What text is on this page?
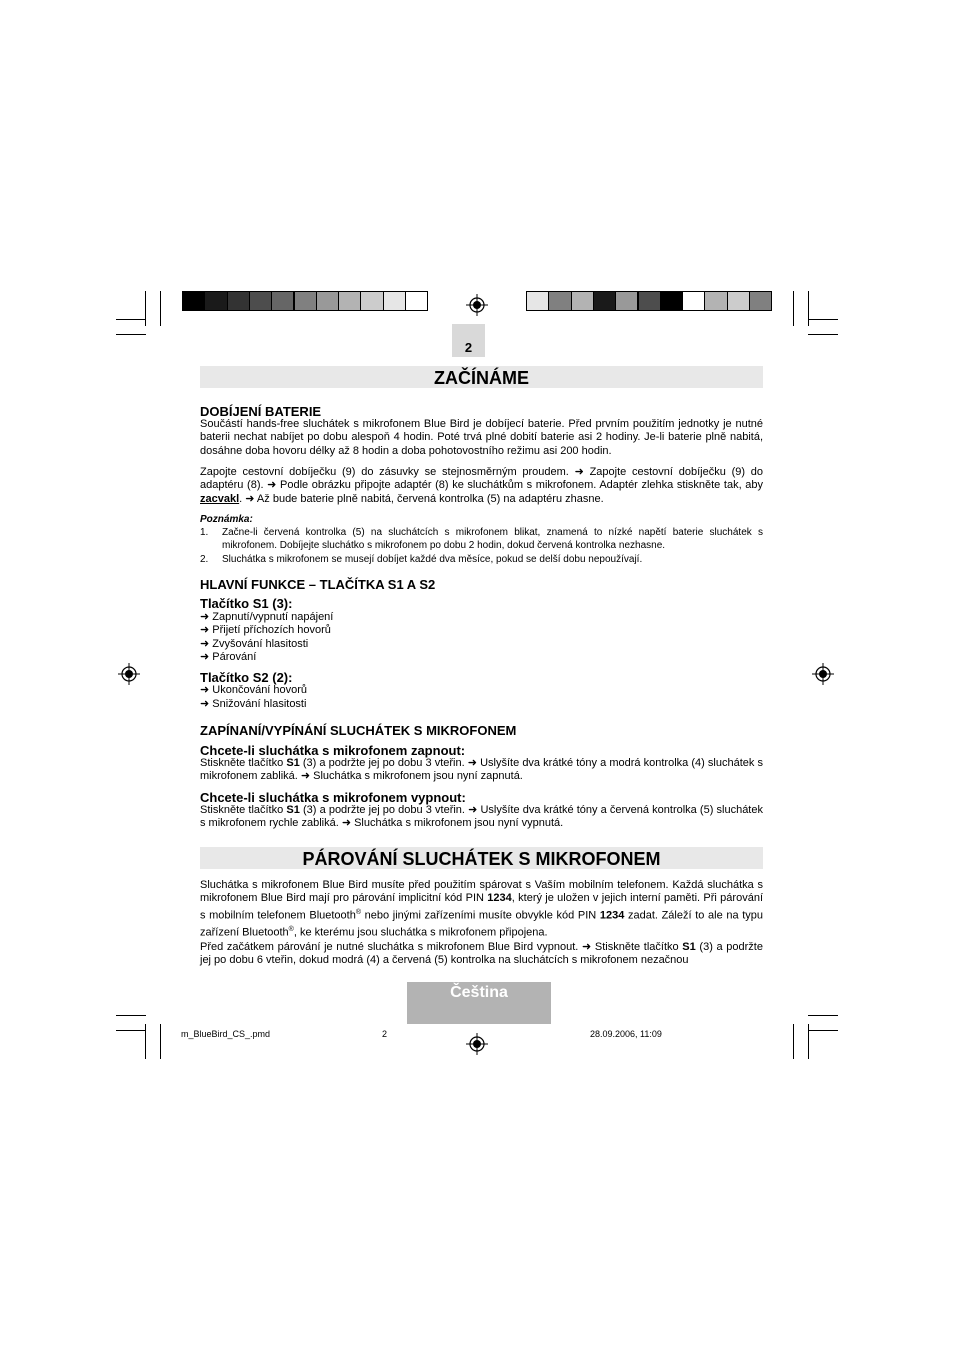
2
ZAČÍNÁME
DOBÍJENÍ BATERIE
Součástí hands-free sluchátek s mikrofonem Blue Bird je dobíjecí baterie. Před prvním použitím jednotky je nutné baterii nechat nabíjet po dobu alespoň 4 hodin. Poté trvá plné dobití baterie asi 2 hodiny. Je-li baterie plně nabitá, dosáhne doba hovoru délky až 8 hodin a doba pohotovostního režimu asi 200 hodin.
Zapojte cestovní dobíječku (9) do zásuvky se stejnosměrným proudem. ➜ Zapojte cestovní dobíječku (9) do adaptéru (8). ➜ Podle obrázku připojte adaptér (8) ke sluchátkům s mikrofonem. Adaptér zlehka stiskněte tak, aby zacvakl. ➜ Až bude baterie plně nabitá, červená kontrolka (5) na adaptéru zhasne.
Poznámka:
1.	Začne-li červená kontrolka (5) na sluchátcích s mikrofonem blikat, znamená to nízké napětí baterie sluchátek s mikrofonem. Dobíjejte sluchátko s mikrofonem po dobu 2 hodin, dokud červená kontrolka nezhasne.
2.	Sluchátka s mikrofonem se musejí dobíjet každé dva měsíce, pokud se delší dobu nepoužívají.
HLAVNÍ FUNKCE – TLAČÍTKA S1 A S2
Tlačítko S1 (3):
➜ Zapnutí/vypnutí napájení
➜ Přijetí příchozích hovorů
➜ Zvyšování hlasitosti
➜ Párování
Tlačítko S2 (2):
➜ Ukončování hovorů
➜ Snižování hlasitosti
ZAPÍNANÍ/VYPÍNÁNÍ SLUCHÁTEK S MIKROFONEM
Chcete-li sluchátka s mikrofonem zapnout:
Stiskněte tlačítko S1 (3) a podržte jej po dobu 3 vteřin. ➜ Uslyšíte dva krátké tóny a modrá kontrolka (4) sluchátek s mikrofonem zabliká. ➜ Sluchátka s mikrofonem jsou nyní zapnutá.
Chcete-li sluchátka s mikrofonem vypnout:
Stiskněte tlačítko S1 (3) a podržte jej po dobu 3 vteřin. ➜ Uslyšíte dva krátké tóny a červená kontrolka (5) sluchátek s mikrofonem rychle zabliká. ➜ Sluchátka s mikrofonem jsou nyní vypnutá.
PÁROVÁNÍ SLUCHÁTEK S MIKROFONEM
Sluchátka s mikrofonem Blue Bird musíte před použitím spárovat s Vaším mobilním telefonem. Každá sluchátka s mikrofonem Blue Bird mají pro párování implicitní kód PIN 1234, který je uložen v jejich interní paměti. Při párování s mobilním telefonem Bluetooth® nebo jinými zařízeními musíte obvykle kód PIN 1234 zadat. Záleží to ale na typu zařízení Bluetooth®, ke kterému jsou sluchátka s mikrofonem připojena.
Před začátkem párování je nutné sluchátka s mikrofonem Blue Bird vypnout. ➜ Stiskněte tlačítko S1 (3) a podržte jej po dobu 6 vteřin, dokud modrá (4) a červená (5) kontrolka na sluchátcích s mikrofonem nezačnou
Čeština
m_BlueBird_CS_.pmd	2	28.09.2006, 11:09
